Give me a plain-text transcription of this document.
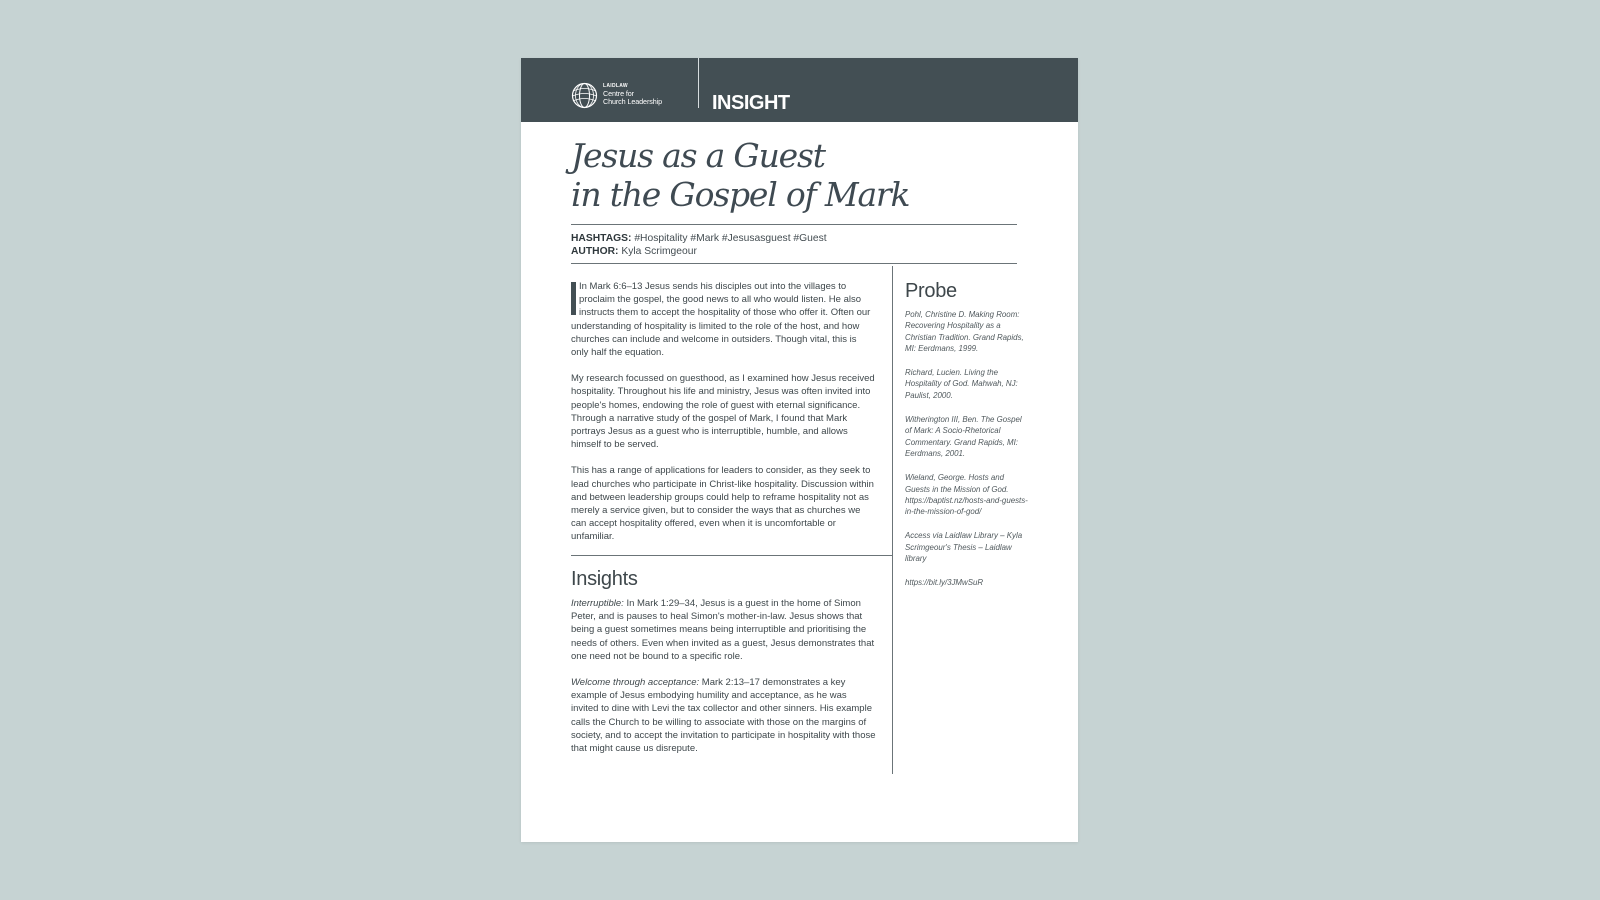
LAIDLAW
Centre for
Church Leadership INSIGHT
Jesus as a Guest
in the Gospel of Mark
HASHTAGS: #Hospitality #Mark #Jesusasguest #Guest
AUTHOR: Kyla Scrimgeour

In Mark 6:6–13 Jesus sends his disciples out into the villages to proclaim the gospel, the good news to all who would listen. He also instructs them to accept the hospitality of those who offer it. Often our understanding of hospitality is limited to the role of the host, and how churches can include and welcome in outsiders. Though vital, this is only half the equation.

My research focussed on guesthood, as I examined how Jesus received hospitality. Throughout his life and ministry, Jesus was often invited into people's homes, endowing the role of guest with eternal significance. Through a narrative study of the gospel of Mark, I found that Mark portrays Jesus as a guest who is interruptible, humble, and allows himself to be served.

This has a range of applications for leaders to consider, as they seek to lead churches who participate in Christ-like hospitality. Discussion within and between leadership groups could help to reframe hospitality not as merely a service given, but to consider the ways that as churches we can accept hospitality offered, even when it is uncomfortable or unfamiliar.

Insights

Interruptible: In Mark 1:29–34, Jesus is a guest in the home of Simon Peter, and is pauses to heal Simon's mother-in-law. Jesus shows that being a guest sometimes means being interruptible and prioritising the needs of others. Even when invited as a guest, Jesus demonstrates that one need not be bound to a specific role.

Welcome through acceptance: Mark 2:13–17 demonstrates a key example of Jesus embodying humility and acceptance, as he was invited to dine with Levi the tax collector and other sinners. His example calls the Church to be willing to associate with those on the margins of society, and to accept the invitation to participate in hospitality with those that might cause us disrepute.

Probe

Pohl, Christine D. Making Room: Recovering Hospitality as a Christian Tradition. Grand Rapids, MI: Eerdmans, 1999.

Richard, Lucien. Living the Hospitality of God. Mahwah, NJ: Paulist, 2000.

Witherington III, Ben. The Gospel of Mark: A Socio-Rhetorical Commentary. Grand Rapids, MI: Eerdmans, 2001.

Wieland, George. Hosts and Guests in the Mission of God. https://baptist.nz/hosts-and-guests-in-the-mission-of-god/

Access via Laidlaw Library – Kyla Scrimgeour's Thesis – Laidlaw library

https://bit.ly/3JMwSuR
